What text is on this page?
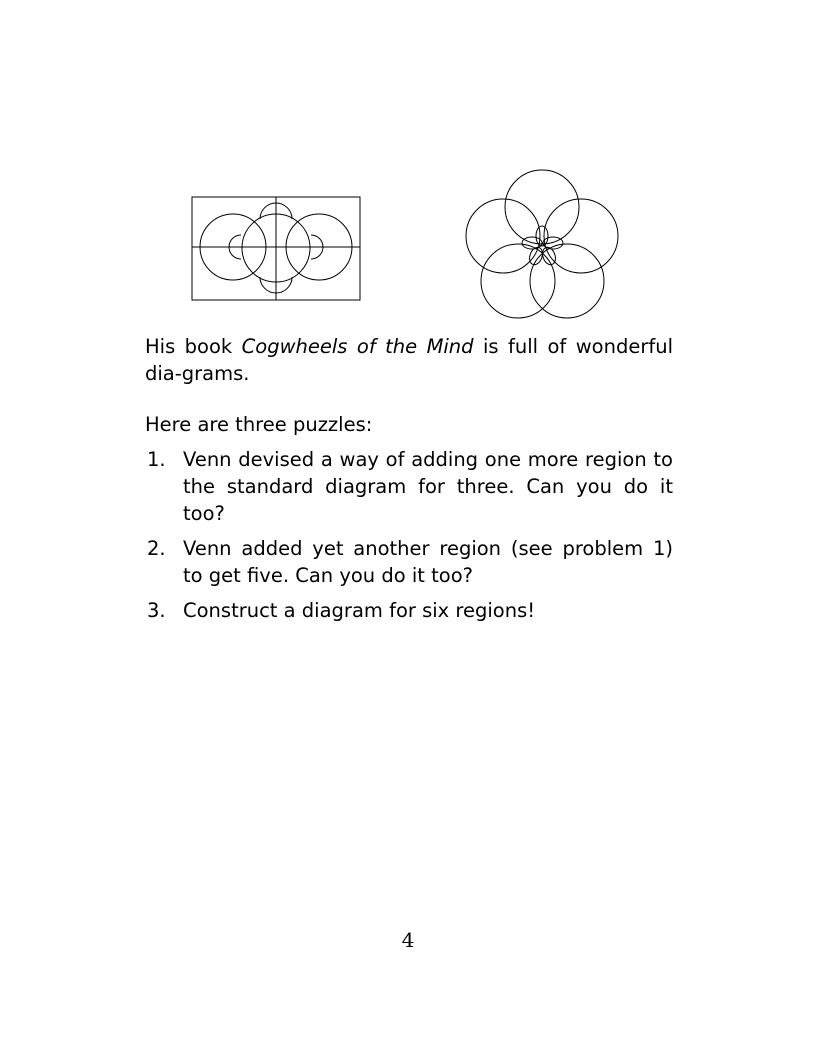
His book Cogwheels of the Mind is full of wonderful dia-grams.

Here are three puzzles:

1. Venn devised a way of adding one more region to the standard diagram for three. Can you do it too?
2. Venn added yet another region (see problem 1) to get five. Can you do it too?
3. Construct a diagram for six regions!
4
